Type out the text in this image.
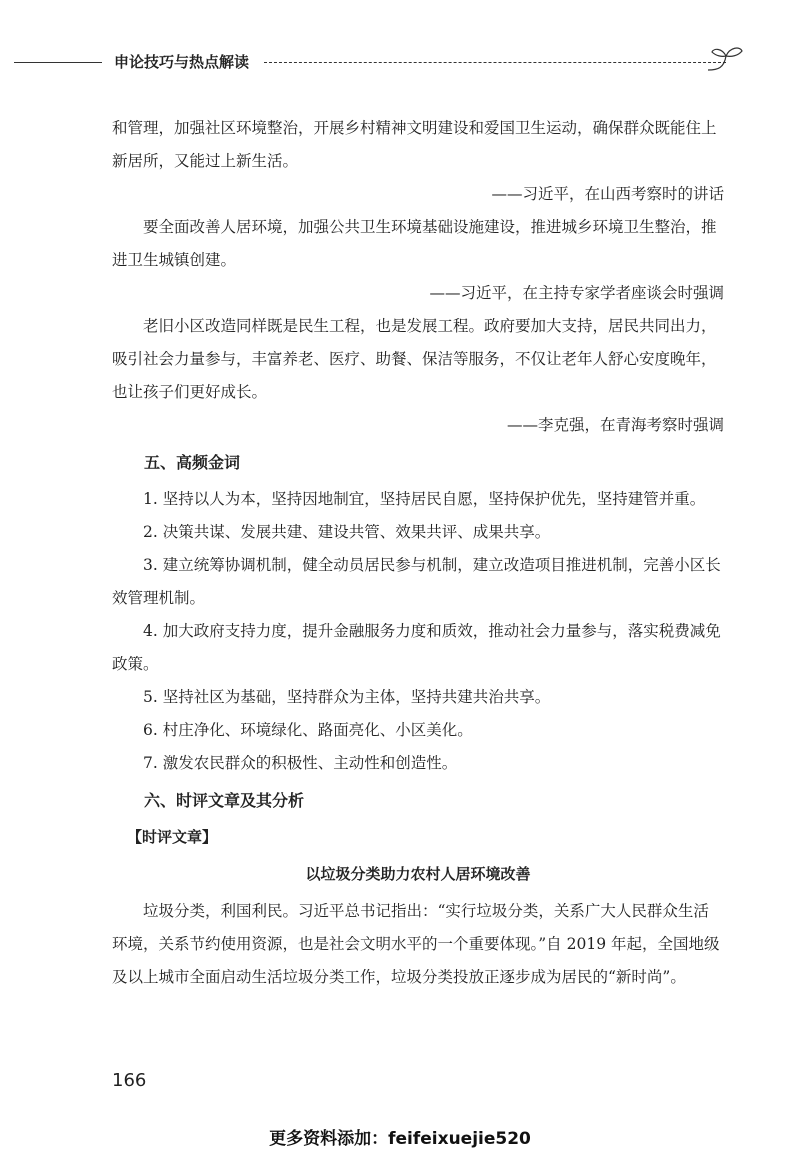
申论技巧与热点解读

和管理，加强社区环境整治，开展乡村精神文明建设和爱国卫生运动，确保群众既能住上新居所，又能过上新生活。

——习近平，在山西考察时的讲话

要全面改善人居环境，加强公共卫生环境基础设施建设，推进城乡环境卫生整治，推进卫生城镇创建。

——习近平，在主持专家学者座谈会时强调

老旧小区改造同样既是民生工程，也是发展工程。政府要加大支持，居民共同出力，吸引社会力量参与，丰富养老、医疗、助餐、保洁等服务，不仅让老年人舒心安度晚年，也让孩子们更好成长。

——李克强，在青海考察时强调

五、高频金词

1. 坚持以人为本，坚持因地制宜，坚持居民自愿，坚持保护优先，坚持建管并重。

2. 决策共谋、发展共建、建设共管、效果共评、成果共享。

3. 建立统筹协调机制，健全动员居民参与机制，建立改造项目推进机制，完善小区长效管理机制。

4. 加大政府支持力度，提升金融服务力度和质效，推动社会力量参与，落实税费减免政策。

5. 坚持社区为基础，坚持群众为主体，坚持共建共治共享。

6. 村庄净化、环境绿化、路面亮化、小区美化。

7. 激发农民群众的积极性、主动性和创造性。

六、时评文章及其分析

【时评文章】

以垃圾分类助力农村人居环境改善

垃圾分类，利国利民。习近平总书记指出：“实行垃圾分类，关系广大人民群众生活环境，关系节约使用资源，也是社会文明水平的一个重要体现。”自 2019 年起，全国地级及以上城市全面启动生活垃圾分类工作，垃圾分类投放正逐步成为居民的“新时尚”。

166
更多资料添加：feifeixuejie520
